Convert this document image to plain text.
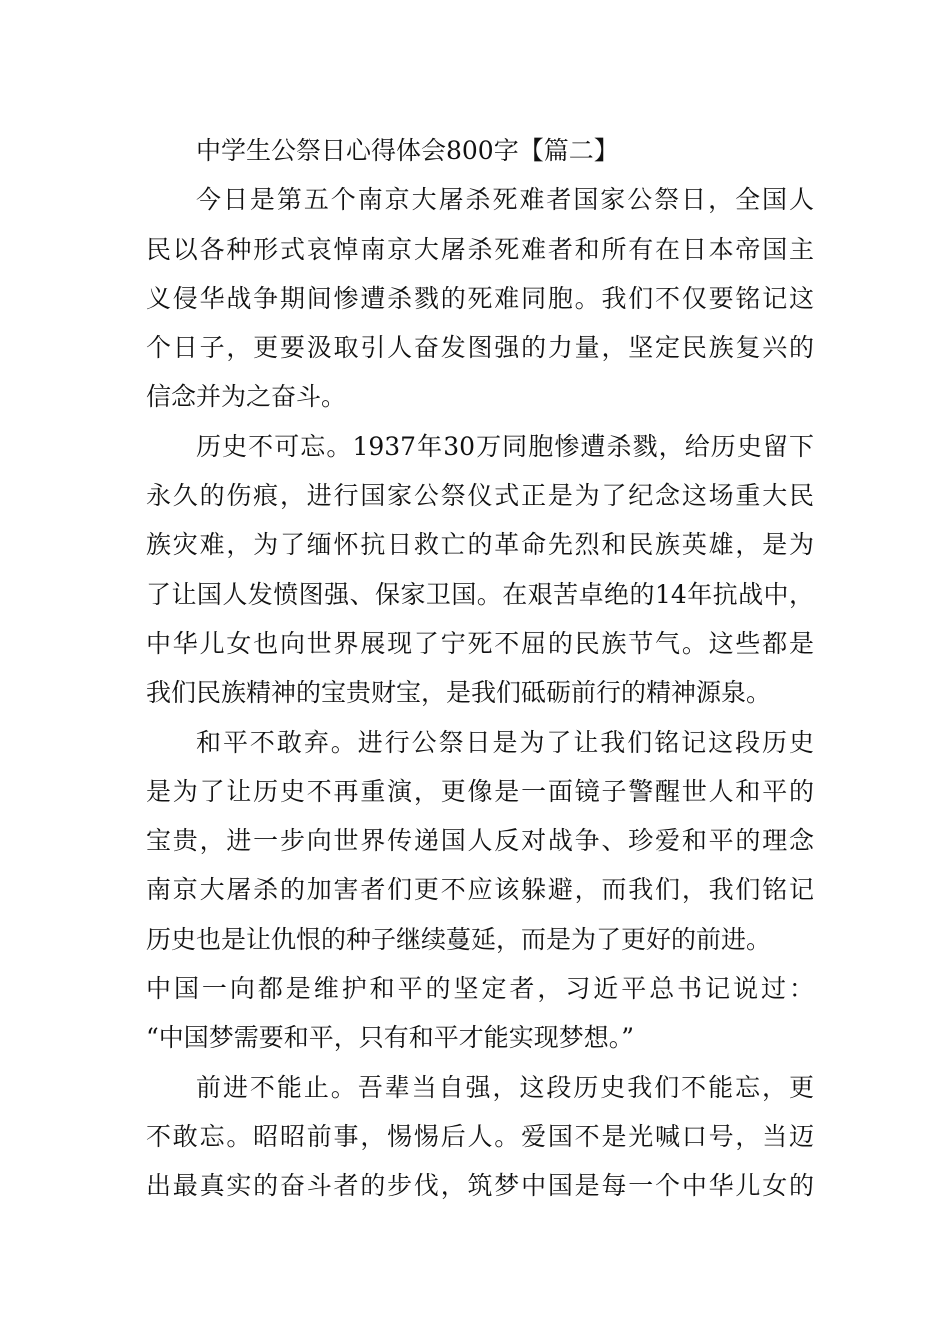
中学生公祭日心得体会800字【篇二】
今日是第五个南京大屠杀死难者国家公祭日，全国人
民以各种形式哀悼南京大屠杀死难者和所有在日本帝国主
义侵华战争期间惨遭杀戮的死难同胞。我们不仅要铭记这
个日子，更要汲取引人奋发图强的力量，坚定民族复兴的
信念并为之奋斗。
历史不可忘。1937年30万同胞惨遭杀戮，给历史留下
永久的伤痕，进行国家公祭仪式正是为了纪念这场重大民
族灾难，为了缅怀抗日救亡的革命先烈和民族英雄，是为
了让国人发愤图强、保家卫国。在艰苦卓绝的14年抗战中，
中华儿女也向世界展现了宁死不屈的民族节气。这些都是
我们民族精神的宝贵财宝，是我们砥砺前行的精神源泉。
和平不敢弃。进行公祭日是为了让我们铭记这段历史
是为了让历史不再重演，更像是一面镜子警醒世人和平的
宝贵，进一步向世界传递国人反对战争、珍爱和平的理念
南京大屠杀的加害者们更不应该躲避，而我们，我们铭记
历史也是让仇恨的种子继续蔓延，而是为了更好的前进。
中国一向都是维护和平的坚定者，习近平总书记说过：
“中国梦需要和平，只有和平才能实现梦想。”
前进不能止。吾辈当自强，这段历史我们不能忘，更
不敢忘。昭昭前事，惕惕后人。爱国不是光喊口号，当迈
出最真实的奋斗者的步伐，筑梦中国是每一个中华儿女的
